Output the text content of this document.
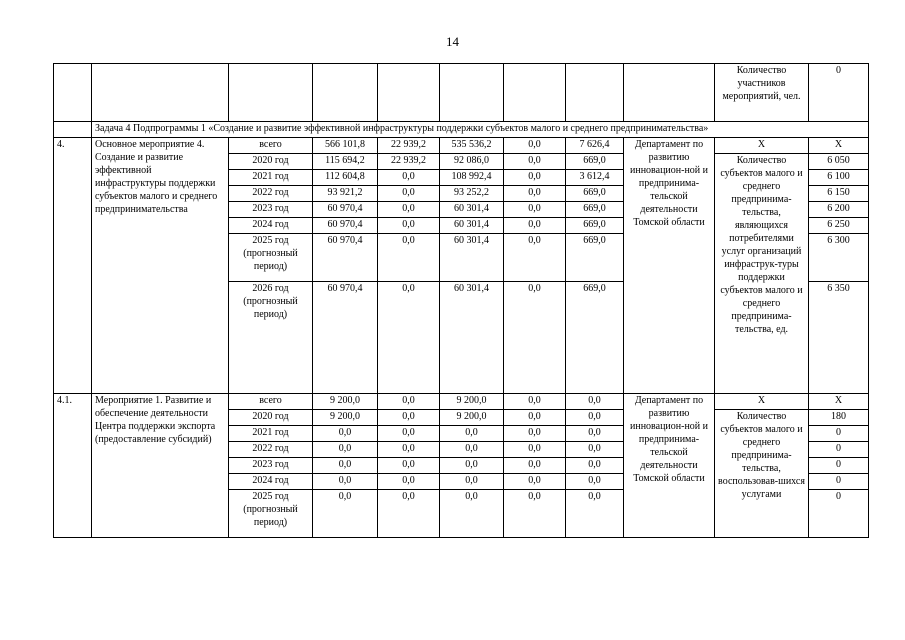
14
									Количество участников мероприятий, чел.	0
	Задача 4 Подпрограммы 1 «Создание и развитие эффективной инфраструктуры поддержки субъектов малого и среднего предпринимательства»									
4.	Основное мероприятие 4. Создание и развитие эффективной инфраструктуры поддержки субъектов малого и среднего предпринимательства	всего	566 101,8	22 939,2	535 536,2	0,0	7 626,4	Департамент по развитию инновацион-ной и предпринима-тельской деятельности Томской области	Х	Х
		2020 год	115 694,2	22 939,2	92 086,0	0,0	669,0		Количество субъектов малого и среднего предпринима-тельства, являющихся потребителями услуг организаций инфраструк-туры поддержки субъектов малого и среднего предпринима-тельства, ед.	6 050
		2021 год	112 604,8	0,0	108 992,4	0,0	3 612,4			6 100
		2022 год	93 921,2	0,0	93 252,2	0,0	669,0			6 150
		2023 год	60 970,4	0,0	60 301,4	0,0	669,0			6 200
		2024 год	60 970,4	0,0	60 301,4	0,0	669,0			6 250
		2025 год (прогнозный период)	60 970,4	0,0	60 301,4	0,0	669,0			6 300
		2026 год (прогнозный период)	60 970,4	0,0	60 301,4	0,0	669,0			6 350
4.1.	Мероприятие 1. Развитие и обеспечение деятельности Центра поддержки экспорта (предоставление субсидий)	всего	9 200,0	0,0	9 200,0	0,0	0,0	Департамент по развитию инновацион-ной и предпринима-тельской деятельности Томской области	Х	Х
		2020 год	9 200,0	0,0	9 200,0	0,0	0,0		Количество субъектов малого и среднего предпринима-тельства, воспользовав-шихся услугами	180
		2021 год	0,0	0,0	0,0	0,0	0,0			0
		2022 год	0,0	0,0	0,0	0,0	0,0			0
		2023 год	0,0	0,0	0,0	0,0	0,0			0
		2024 год	0,0	0,0	0,0	0,0	0,0			0
		2025 год (прогнозный период)	0,0	0,0	0,0	0,0	0,0			0
